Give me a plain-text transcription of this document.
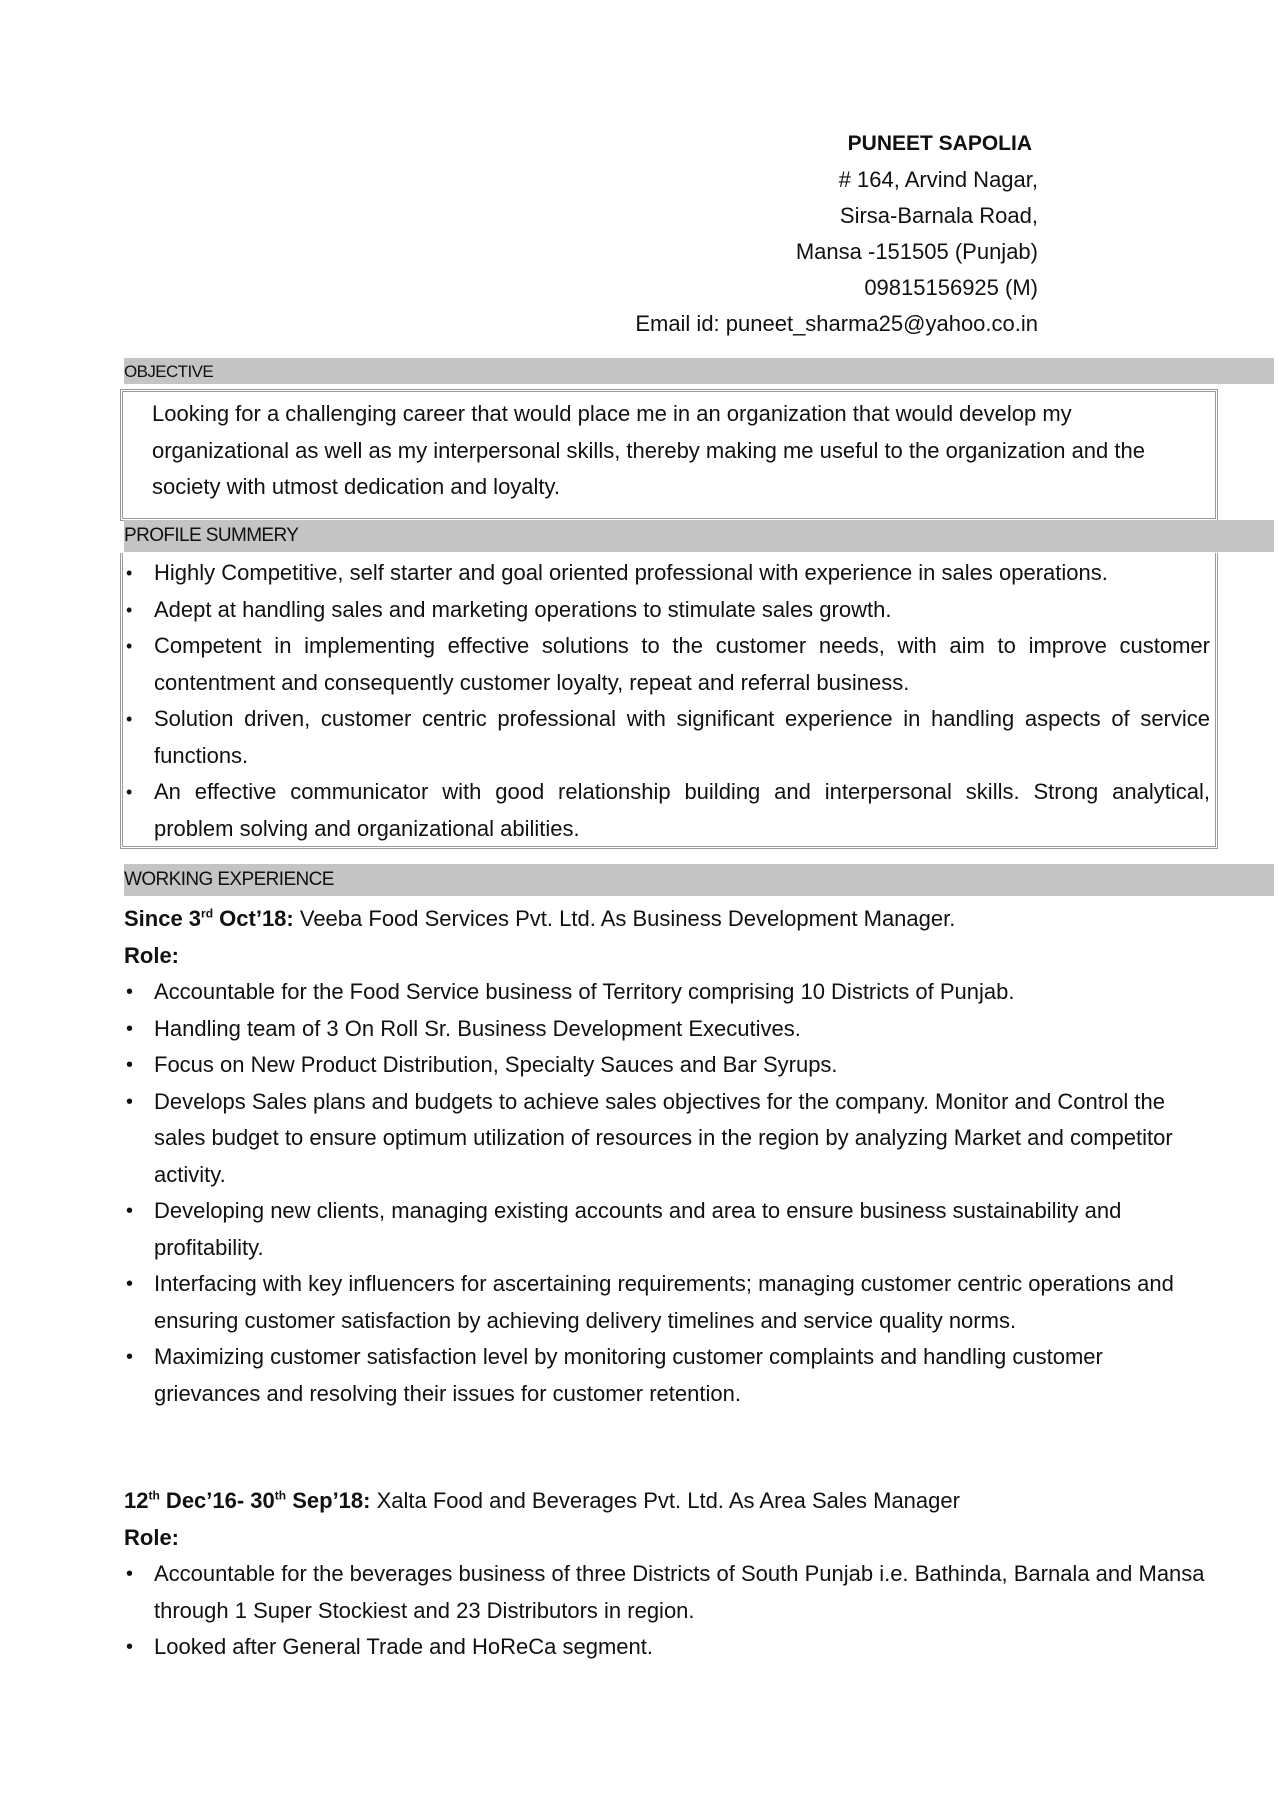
PUNEET SAPOLIA
# 164, Arvind Nagar,
Sirsa-Barnala Road,
Mansa -151505 (Punjab)
09815156925 (M)
Email id: puneet_sharma25@yahoo.co.in
OBJECTIVE
Looking for a challenging career that would place me in an organization that would develop my organizational as well as my interpersonal skills, thereby making me useful to the organization and the society with utmost dedication and loyalty.
PROFILE SUMMERY
• Highly Competitive, self starter and goal oriented professional with experience in sales operations.
• Adept at handling sales and marketing operations to stimulate sales growth.
• Competent in implementing effective solutions to the customer needs, with aim to improve customer contentment and consequently customer loyalty, repeat and referral business.
• Solution driven, customer centric professional with significant experience in handling aspects of service functions.
• An effective communicator with good relationship building and interpersonal skills. Strong analytical, problem solving and organizational abilities.
WORKING EXPERIENCE
Since 3rd Oct’18: Veeba Food Services Pvt. Ltd. As Business Development Manager.
Role:
• Accountable for the Food Service business of Territory comprising 10 Districts of Punjab.
• Handling team of 3 On Roll Sr. Business Development Executives.
• Focus on New Product Distribution, Specialty Sauces and Bar Syrups.
• Develops Sales plans and budgets to achieve sales objectives for the company. Monitor and Control the sales budget to ensure optimum utilization of resources in the region by analyzing Market and competitor activity.
• Developing new clients, managing existing accounts and area to ensure business sustainability and profitability.
• Interfacing with key influencers for ascertaining requirements; managing customer centric operations and ensuring customer satisfaction by achieving delivery timelines and service quality norms.
• Maximizing customer satisfaction level by monitoring customer complaints and handling customer grievances and resolving their issues for customer retention.
12th Dec’16- 30th Sep’18: Xalta Food and Beverages Pvt. Ltd. As Area Sales Manager
Role:
• Accountable for the beverages business of three Districts of South Punjab i.e. Bathinda, Barnala and Mansa through 1 Super Stockiest and 23 Distributors in region.
• Looked after General Trade and HoReCa segment.
